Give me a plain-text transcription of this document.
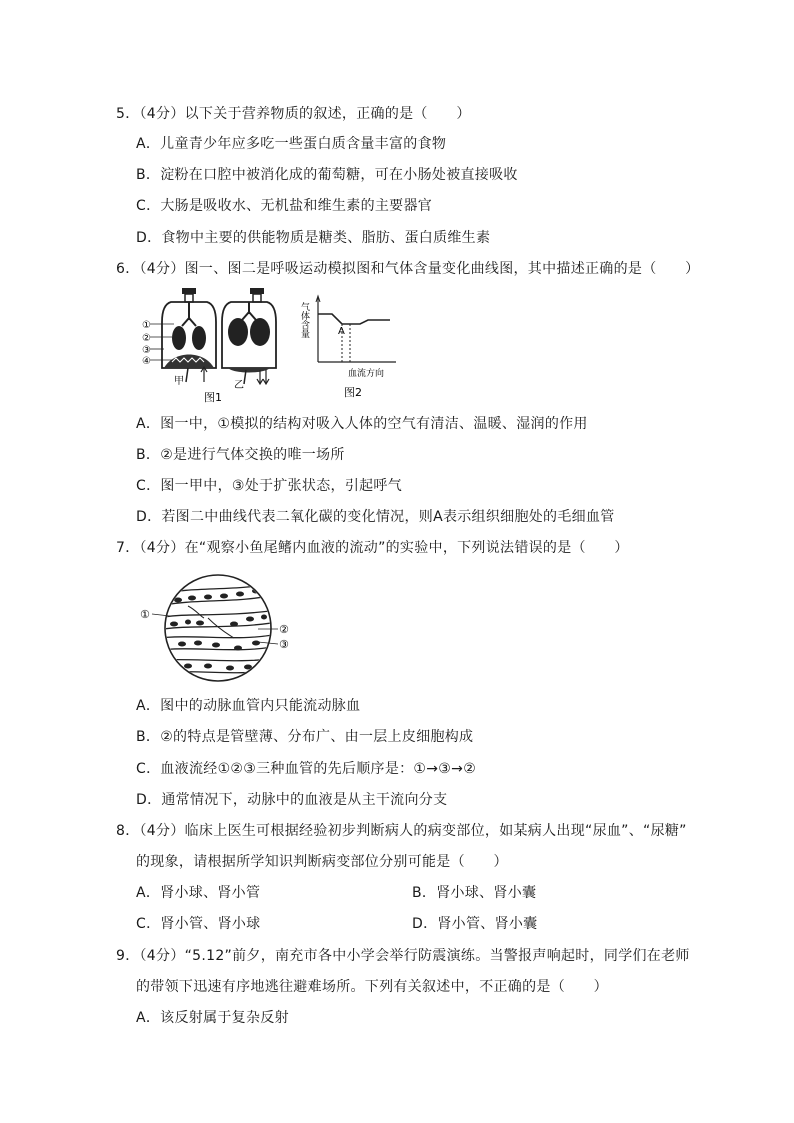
5．（4分）以下关于营养物质的叙述，正确的是（　　）
A．儿童青少年应多吃一些蛋白质含量丰富的食物
B．淀粉在口腔中被消化成的葡萄糖，可在小肠处被直接吸收
C．大肠是吸收水、无机盐和维生素的主要器官
D．食物中主要的供能物质是糖类、脂肪、蛋白质维生素
6．（4分）图一、图二是呼吸运动模拟图和气体含量变化曲线图，其中描述正确的是（　　）
①
②
③
④
甲	乙
图1
A
气体含量
血流方向
图2
A．图一中，①模拟的结构对吸入人体的空气有清洁、温暖、湿润的作用
B．②是进行气体交换的唯一场所
C．图一甲中，③处于扩张状态，引起呼气
D．若图二中曲线代表二氧化碳的变化情况，则A表示组织细胞处的毛细血管
7．（4分）在“观察小鱼尾鳍内血液的流动”的实验中，下列说法错误的是（　　）
①
②
③
A．图中的动脉血管内只能流动脉血
B．②的特点是管壁薄、分布广、由一层上皮细胞构成
C．血液流经①②③三种血管的先后顺序是：①→③→②
D．通常情况下，动脉中的血液是从主干流向分支
8．（4分）临床上医生可根据经验初步判断病人的病变部位，如某病人出现“尿血”、“尿糖”
的现象，请根据所学知识判断病变部位分别可能是（　　）
A．肾小球、肾小管	B．肾小球、肾小囊
C．肾小管、肾小球	D．肾小管、肾小囊
9．（4分）“5.12”前夕，南充市各中小学会举行防震演练。当警报声响起时，同学们在老师
的带领下迅速有序地逃往避难场所。下列有关叙述中，不正确的是（　　）
A．该反射属于复杂反射
